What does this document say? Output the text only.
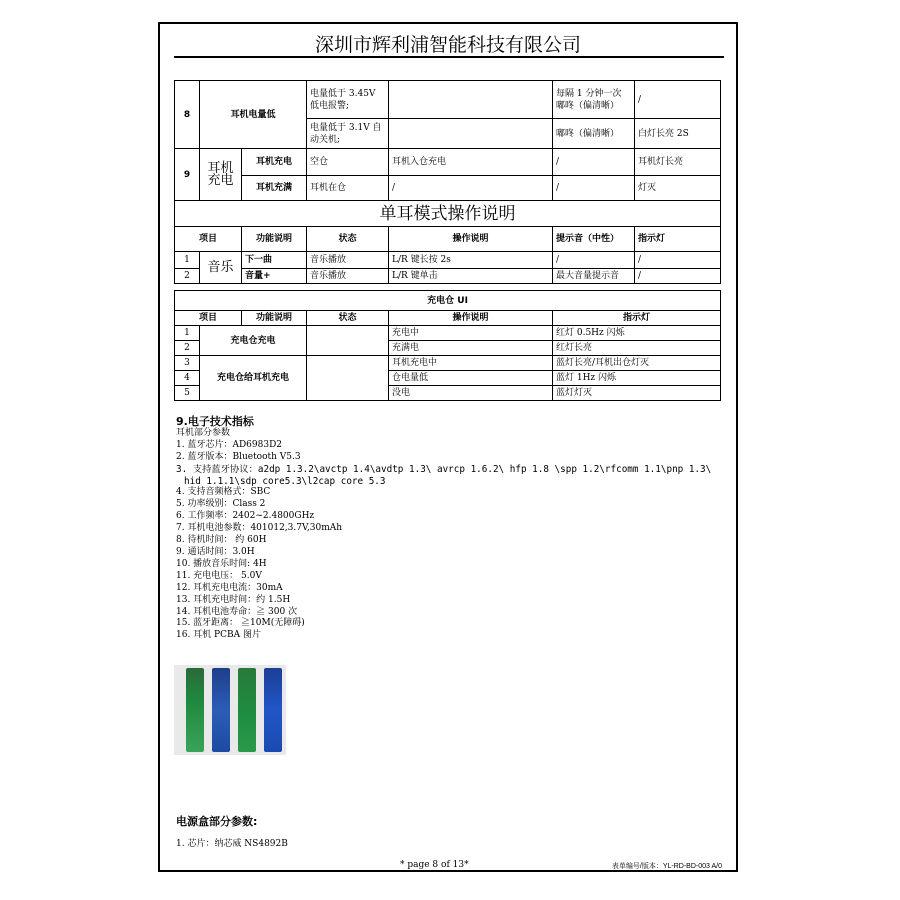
深圳市辉利浦智能科技有限公司
8	耳机电量低		电量低于 3.45V 低电报警;		每隔 1 分钟一次 嘟咚（偏清晰）	/
			电量低于 3.1V 自动关机;		嘟咚（偏清晰）	白灯长亮 2S
9	耳机充电	耳机充电	空仓	耳机入仓充电	/	耳机灯长亮
		耳机充满	耳机在仓	/	/	灯灭
单耳模式操作说明						
项目		功能说明	状态	操作说明	提示音（中性）	指示灯
1	音乐	下一曲	音乐播放	L/R 键长按 2s	/	/
2		音量+	音乐播放	L/R 键单击	最大音量提示音	/
充电仓 UI					
项目		功能说明	状态	操作说明	指示灯
1	充电仓充电			充电中	红灯 0.5Hz 闪烁
2				充满电	红灯长亮
3	充电仓给耳机充电			耳机充电中	蓝灯长亮/耳机出仓灯灭
4				仓电量低	蓝灯 1Hz 闪烁
5				没电	蓝灯灯灭
9.电子技术指标
耳机部分参数
1. 蓝牙芯片：AD6983D2
2. 蓝牙版本：Bluetooth V5.3
3. 支持蓝牙协议：a2dp 1.3.2\avctp 1.4\avdtp 1.3\ avrcp 1.6.2\ hfp 1.8 \spp 1.2\rfcomm 1.1\pnp 1.3\
hid 1.1.1\sdp core5.3\l2cap core 5.3
4. 支持音频格式：SBC
5. 功率级别：Class 2
6. 工作频率：2402~2.4800GHz
7. 耳机电池参数：401012,3.7V,30mAh
8. 待机时间： 约 60H
9. 通话时间：3.0H
10. 播放音乐时间: 4H
11. 充电电压： 5.0V
12. 耳机充电电流：30mA
13. 耳机充电时间：约 1.5H
14. 耳机电池寿命：≧ 300 次
15. 蓝牙距离： ≧10M(无障碍)
16. 耳机 PCBA 图片
电源盒部分参数:
1. 芯片：纳芯威 NS4892B
* page 8 of 13*	表单编号/版本：YL-RD-BD-003 A/0
